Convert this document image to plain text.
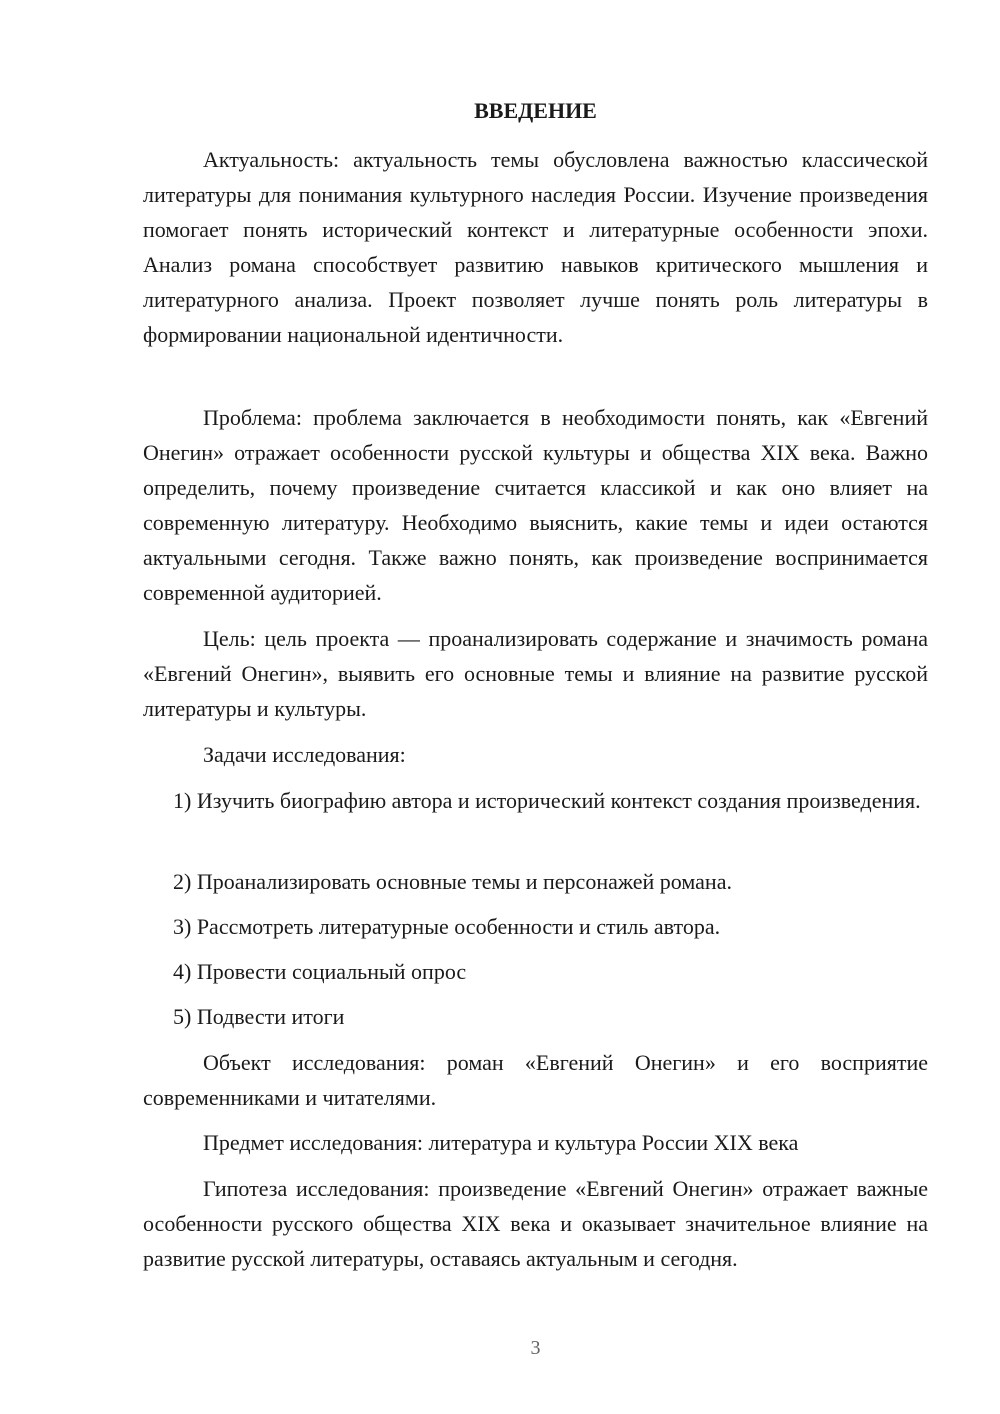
ВВЕДЕНИЕ

Актуальность: актуальность темы обусловлена важностью классической литературы для понимания культурного наследия России. Изучение произведения помогает понять исторический контекст и литературные особенности эпохи. Анализ романа способствует развитию навыков критического мышления и литературного анализа. Проект позволяет лучше понять роль литературы в формировании национальной идентичности.

Проблема: проблема заключается в необходимости понять, как «Евгений Онегин» отражает особенности русской культуры и общества XIX века. Важно определить, почему произведение считается классикой и как оно влияет на современную литературу. Необходимо выяснить, какие темы и идеи остаются актуальными сегодня. Также важно понять, как произведение воспринимается современной аудиторией.

Цель: цель проекта — проанализировать содержание и значимость романа «Евгений Онегин», выявить его основные темы и влияние на развитие русской литературы и культуры.

Задачи исследования:

1) Изучить биографию автора и исторический контекст создания произведения.

2) Проанализировать основные темы и персонажей романа.

3) Рассмотреть литературные особенности и стиль автора.

4) Провести социальный опрос

5) Подвести итоги

Объект исследования: роман «Евгений Онегин» и его восприятие современниками и читателями.

Предмет исследования: литература и культура России XIX века

Гипотеза исследования: произведение «Евгений Онегин» отражает важные особенности русского общества XIX века и оказывает значительное влияние на развитие русской литературы, оставаясь актуальным и сегодня.

3
